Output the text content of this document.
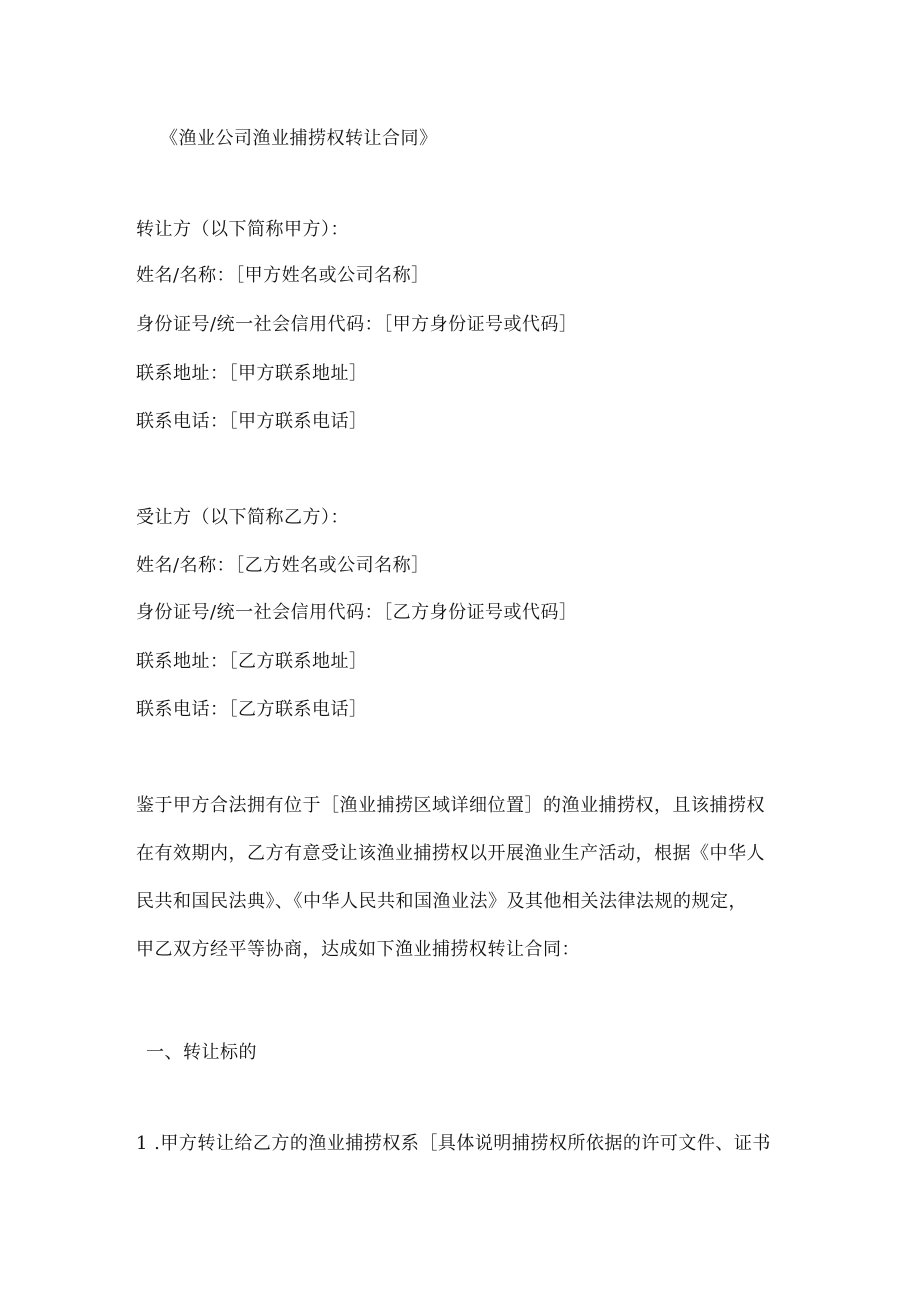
《渔业公司渔业捕捞权转让合同》
转让方（以下简称甲方）：
姓名/名称：［甲方姓名或公司名称］
身份证号/统一社会信用代码：［甲方身份证号或代码］
联系地址：［甲方联系地址］
联系电话：［甲方联系电话］
受让方（以下简称乙方）：
姓名/名称：［乙方姓名或公司名称］
身份证号/统一社会信用代码：［乙方身份证号或代码］
联系地址：［乙方联系地址］
联系电话：［乙方联系电话］
鉴于甲方合法拥有位于［渔业捕捞区域详细位置］的渔业捕捞权，且该捕捞权
在有效期内，乙方有意受让该渔业捕捞权以开展渔业生产活动，根据《中华人
民共和国民法典》、《中华人民共和国渔业法》及其他相关法律法规的规定，
甲乙双方经平等协商，达成如下渔业捕捞权转让合同：
一、转让标的
1 .甲方转让给乙方的渔业捕捞权系［具体说明捕捞权所依据的许可文件、证书
